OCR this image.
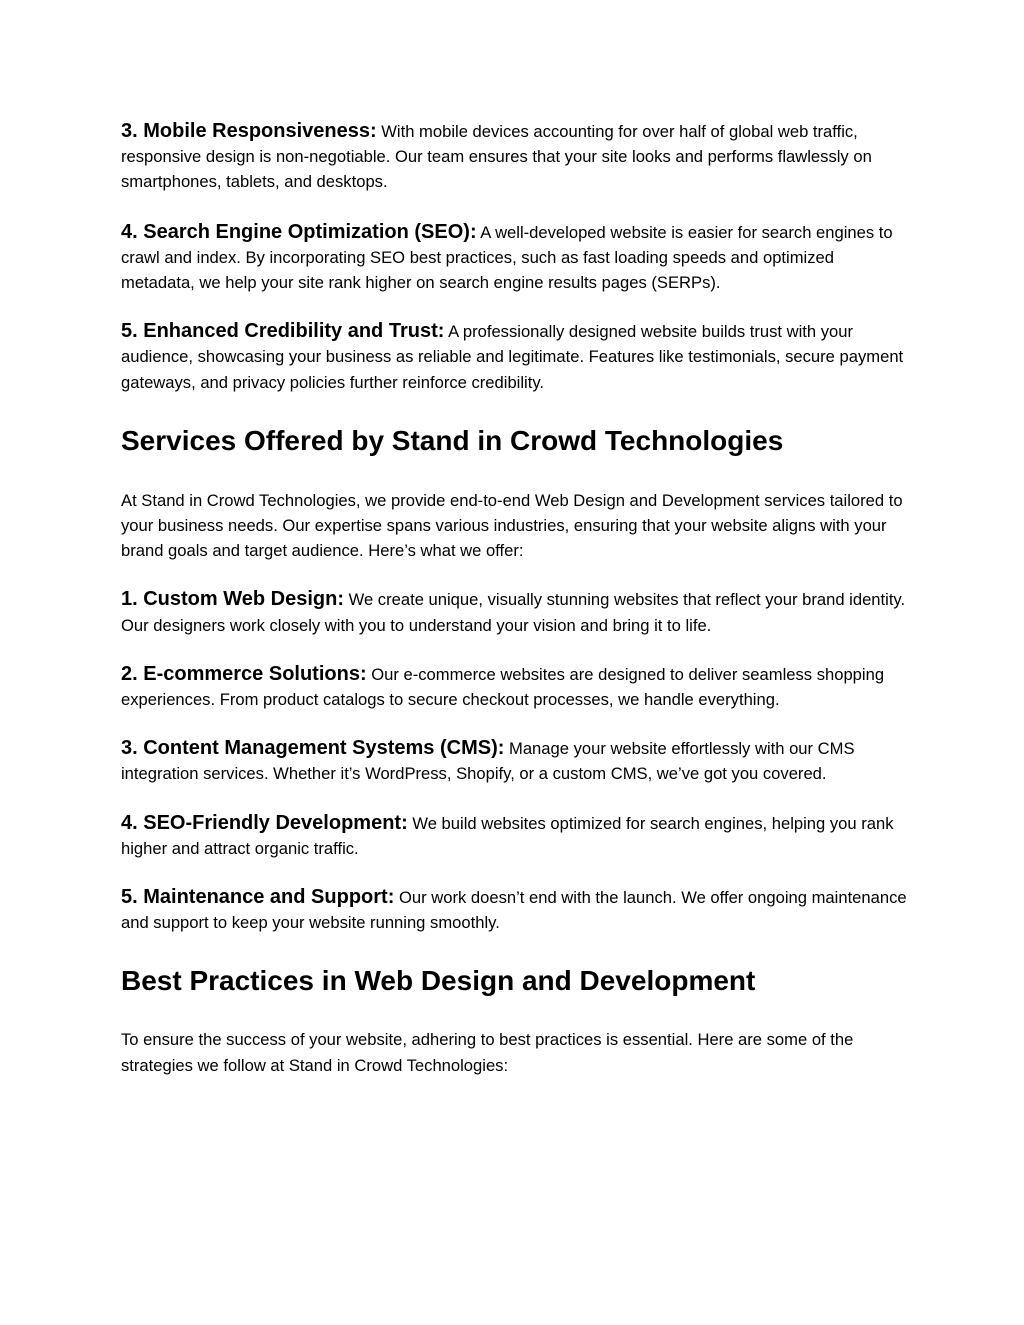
3. Mobile Responsiveness: With mobile devices accounting for over half of global web traffic, responsive design is non-negotiable. Our team ensures that your site looks and performs flawlessly on smartphones, tablets, and desktops.

4. Search Engine Optimization (SEO): A well-developed website is easier for search engines to crawl and index. By incorporating SEO best practices, such as fast loading speeds and optimized metadata, we help your site rank higher on search engine results pages (SERPs).

5. Enhanced Credibility and Trust: A professionally designed website builds trust with your audience, showcasing your business as reliable and legitimate. Features like testimonials, secure payment gateways, and privacy policies further reinforce credibility.

Services Offered by Stand in Crowd Technologies

At Stand in Crowd Technologies, we provide end-to-end Web Design and Development services tailored to your business needs. Our expertise spans various industries, ensuring that your website aligns with your brand goals and target audience. Here’s what we offer:

1. Custom Web Design: We create unique, visually stunning websites that reflect your brand identity. Our designers work closely with you to understand your vision and bring it to life.

2. E-commerce Solutions: Our e-commerce websites are designed to deliver seamless shopping experiences. From product catalogs to secure checkout processes, we handle everything.

3. Content Management Systems (CMS): Manage your website effortlessly with our CMS integration services. Whether it’s WordPress, Shopify, or a custom CMS, we’ve got you covered.

4. SEO-Friendly Development: We build websites optimized for search engines, helping you rank higher and attract organic traffic.

5. Maintenance and Support: Our work doesn’t end with the launch. We offer ongoing maintenance and support to keep your website running smoothly.

Best Practices in Web Design and Development

To ensure the success of your website, adhering to best practices is essential. Here are some of the strategies we follow at Stand in Crowd Technologies:
